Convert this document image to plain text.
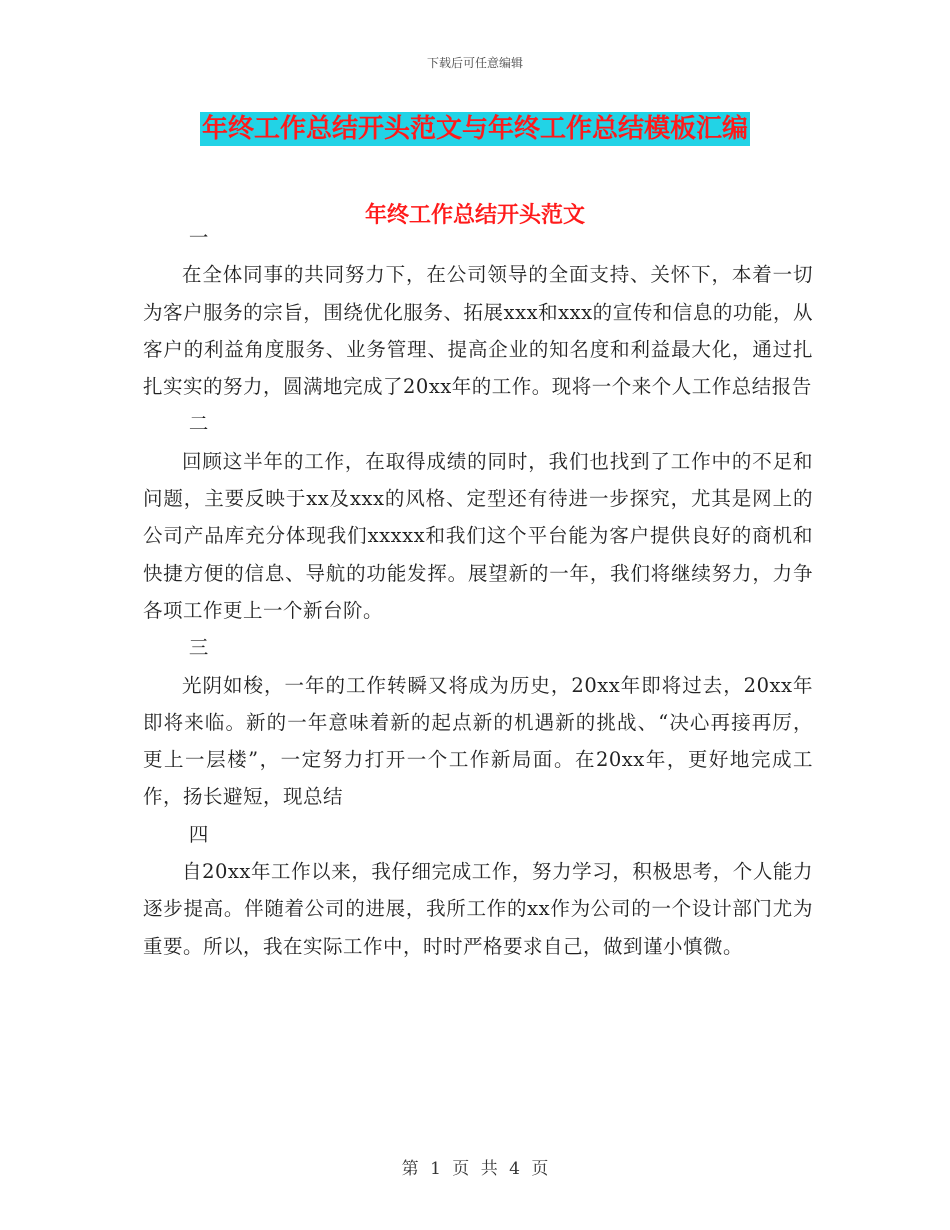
下载后可任意编辑
年终工作总结开头范文与年终工作总结模板汇编
年终工作总结开头范文

一

在全体同事的共同努力下，在公司领导的全面支持、关怀下，本着一切为客户服务的宗旨，围绕优化服务、拓展xxx和xxx的宣传和信息的功能，从客户的利益角度服务、业务管理、提高企业的知名度和利益最大化，通过扎扎实实的努力，圆满地完成了20xx年的工作。现将一个来个人工作总结报告

二

回顾这半年的工作，在取得成绩的同时，我们也找到了工作中的不足和问题，主要反映于xx及xxx的风格、定型还有待进一步探究，尤其是网上的公司产品库充分体现我们xxxxx和我们这个平台能为客户提供良好的商机和快捷方便的信息、导航的功能发挥。展望新的一年，我们将继续努力，力争各项工作更上一个新台阶。

三

光阴如梭，一年的工作转瞬又将成为历史，20xx年即将过去，20xx年即将来临。新的一年意味着新的起点新的机遇新的挑战、“决心再接再厉，更上一层楼”，一定努力打开一个工作新局面。在20xx年，更好地完成工作，扬长避短，现总结

四

自20xx年工作以来，我仔细完成工作，努力学习，积极思考，个人能力逐步提高。伴随着公司的进展，我所工作的xx作为公司的一个设计部门尤为重要。所以，我在实际工作中，时时严格要求自己，做到谨小慎微。

第 1 页 共 4 页
